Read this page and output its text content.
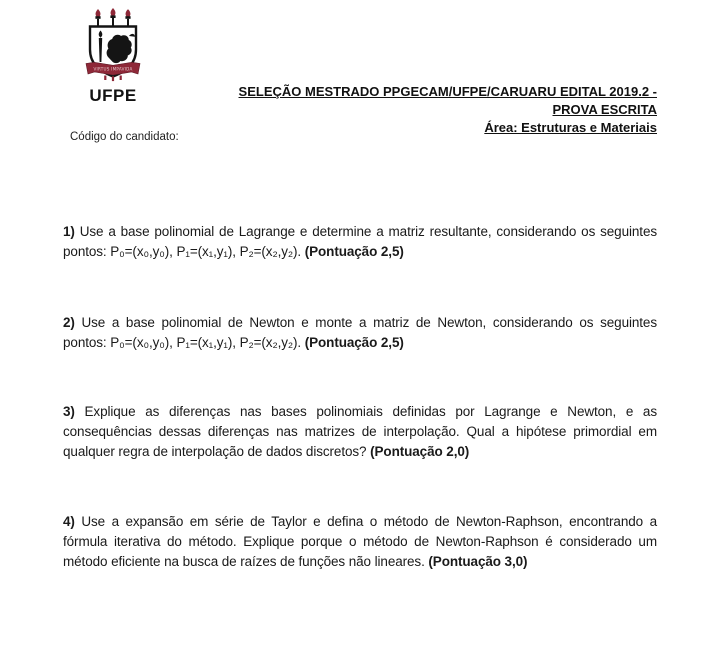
VIRTUS IMPAVIDA
UFPE	SELEÇÃO MESTRADO PPGECAM/UFPE/CARUARU EDITAL 2019.2 -
PROVA ESCRITA
Área: Estruturas e Materiais
Código do candidato:

1) Use a base polinomial de Lagrange e determine a matriz resultante, considerando os seguintes pontos: P₀=(x₀,y₀), P₁=(x₁,y₁), P₂=(x₂,y₂). (Pontuação 2,5)

2) Use a base polinomial de Newton e monte a matriz de Newton, considerando os seguintes pontos: P₀=(x₀,y₀), P₁=(x₁,y₁), P₂=(x₂,y₂). (Pontuação 2,5)

3) Explique as diferenças nas bases polinomiais definidas por Lagrange e Newton, e as consequências dessas diferenças nas matrizes de interpolação. Qual a hipótese primordial em qualquer regra de interpolação de dados discretos? (Pontuação 2,0)

4) Use a expansão em série de Taylor e defina o método de Newton-Raphson, encontrando a fórmula iterativa do método. Explique porque o método de Newton-Raphson é considerado um método eficiente na busca de raízes de funções não lineares. (Pontuação 3,0)
